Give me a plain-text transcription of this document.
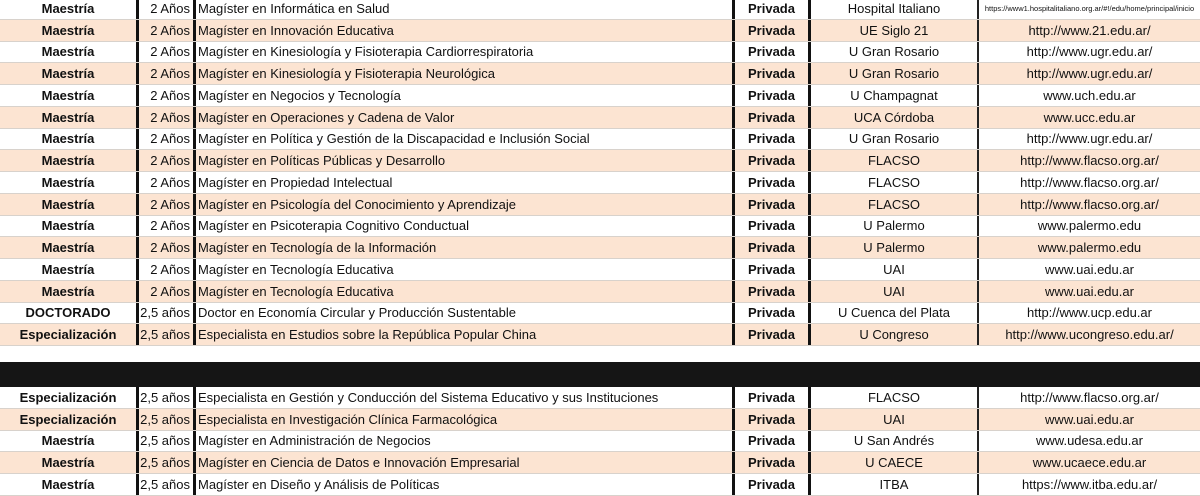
Maestría	2 Años Magíster en Informática en Salud	Privada	Hospital Italiano	https://www1.hospitalitaliano.org.ar/#!/edu/home/principal/inicio
Maestría	2 Años Magíster en Innovación Educativa	Privada	UE Siglo 21	http://www.21.edu.ar/
Maestría	2 Años Magíster en Kinesiología y Fisioterapia Cardiorrespiratoria	Privada	U Gran Rosario	http://www.ugr.edu.ar/
Maestría	2 Años Magíster en Kinesiología y Fisioterapia Neurológica	Privada	U Gran Rosario	http://www.ugr.edu.ar/
Maestría	2 Años Magíster en Negocios y Tecnología	Privada	U Champagnat	www.uch.edu.ar
Maestría	2 Años Magíster en Operaciones y Cadena de Valor	Privada	UCA Córdoba	www.ucc.edu.ar
Maestría	2 Años Magíster en Política y Gestión de la Discapacidad e Inclusión Social	Privada	U Gran Rosario	http://www.ugr.edu.ar/
Maestría	2 Años Magíster en Políticas Públicas y Desarrollo	Privada	FLACSO	http://www.flacso.org.ar/
Maestría	2 Años Magíster en Propiedad Intelectual	Privada	FLACSO	http://www.flacso.org.ar/
Maestría	2 Años Magíster en Psicología del Conocimiento y Aprendizaje	Privada	FLACSO	http://www.flacso.org.ar/
Maestría	2 Años Magíster en Psicoterapia Cognitivo Conductual	Privada	U Palermo	www.palermo.edu
Maestría	2 Años Magíster en Tecnología de la Información	Privada	U Palermo	www.palermo.edu
Maestría	2 Años Magíster en Tecnología Educativa	Privada	UAI	www.uai.edu.ar
Maestría	2 Años Magíster en Tecnología Educativa	Privada	UAI	www.uai.edu.ar
DOCTORADO	2,5 años Doctor en Economía Circular y Producción Sustentable	Privada	U Cuenca del Plata	http://www.ucp.edu.ar
Especialización	2,5 años Especialista en Estudios sobre la República Popular China	Privada	U Congreso	http://www.ucongreso.edu.ar/
Especialización	2,5 años Especialista en Gestión y Conducción del Sistema Educativo y sus Instituciones	Privada	FLACSO	http://www.flacso.org.ar/
Especialización	2,5 años Especialista en Investigación Clínica Farmacológica	Privada	UAI	www.uai.edu.ar
Maestría	2,5 años Magíster en Administración de Negocios	Privada	U San Andrés	www.udesa.edu.ar
Maestría	2,5 años Magíster en Ciencia de Datos e Innovación Empresarial	Privada	U CAECE	www.ucaece.edu.ar
Maestría	2,5 años Magíster en Diseño y Análisis de Políticas	Privada	ITBA	https://www.itba.edu.ar/
